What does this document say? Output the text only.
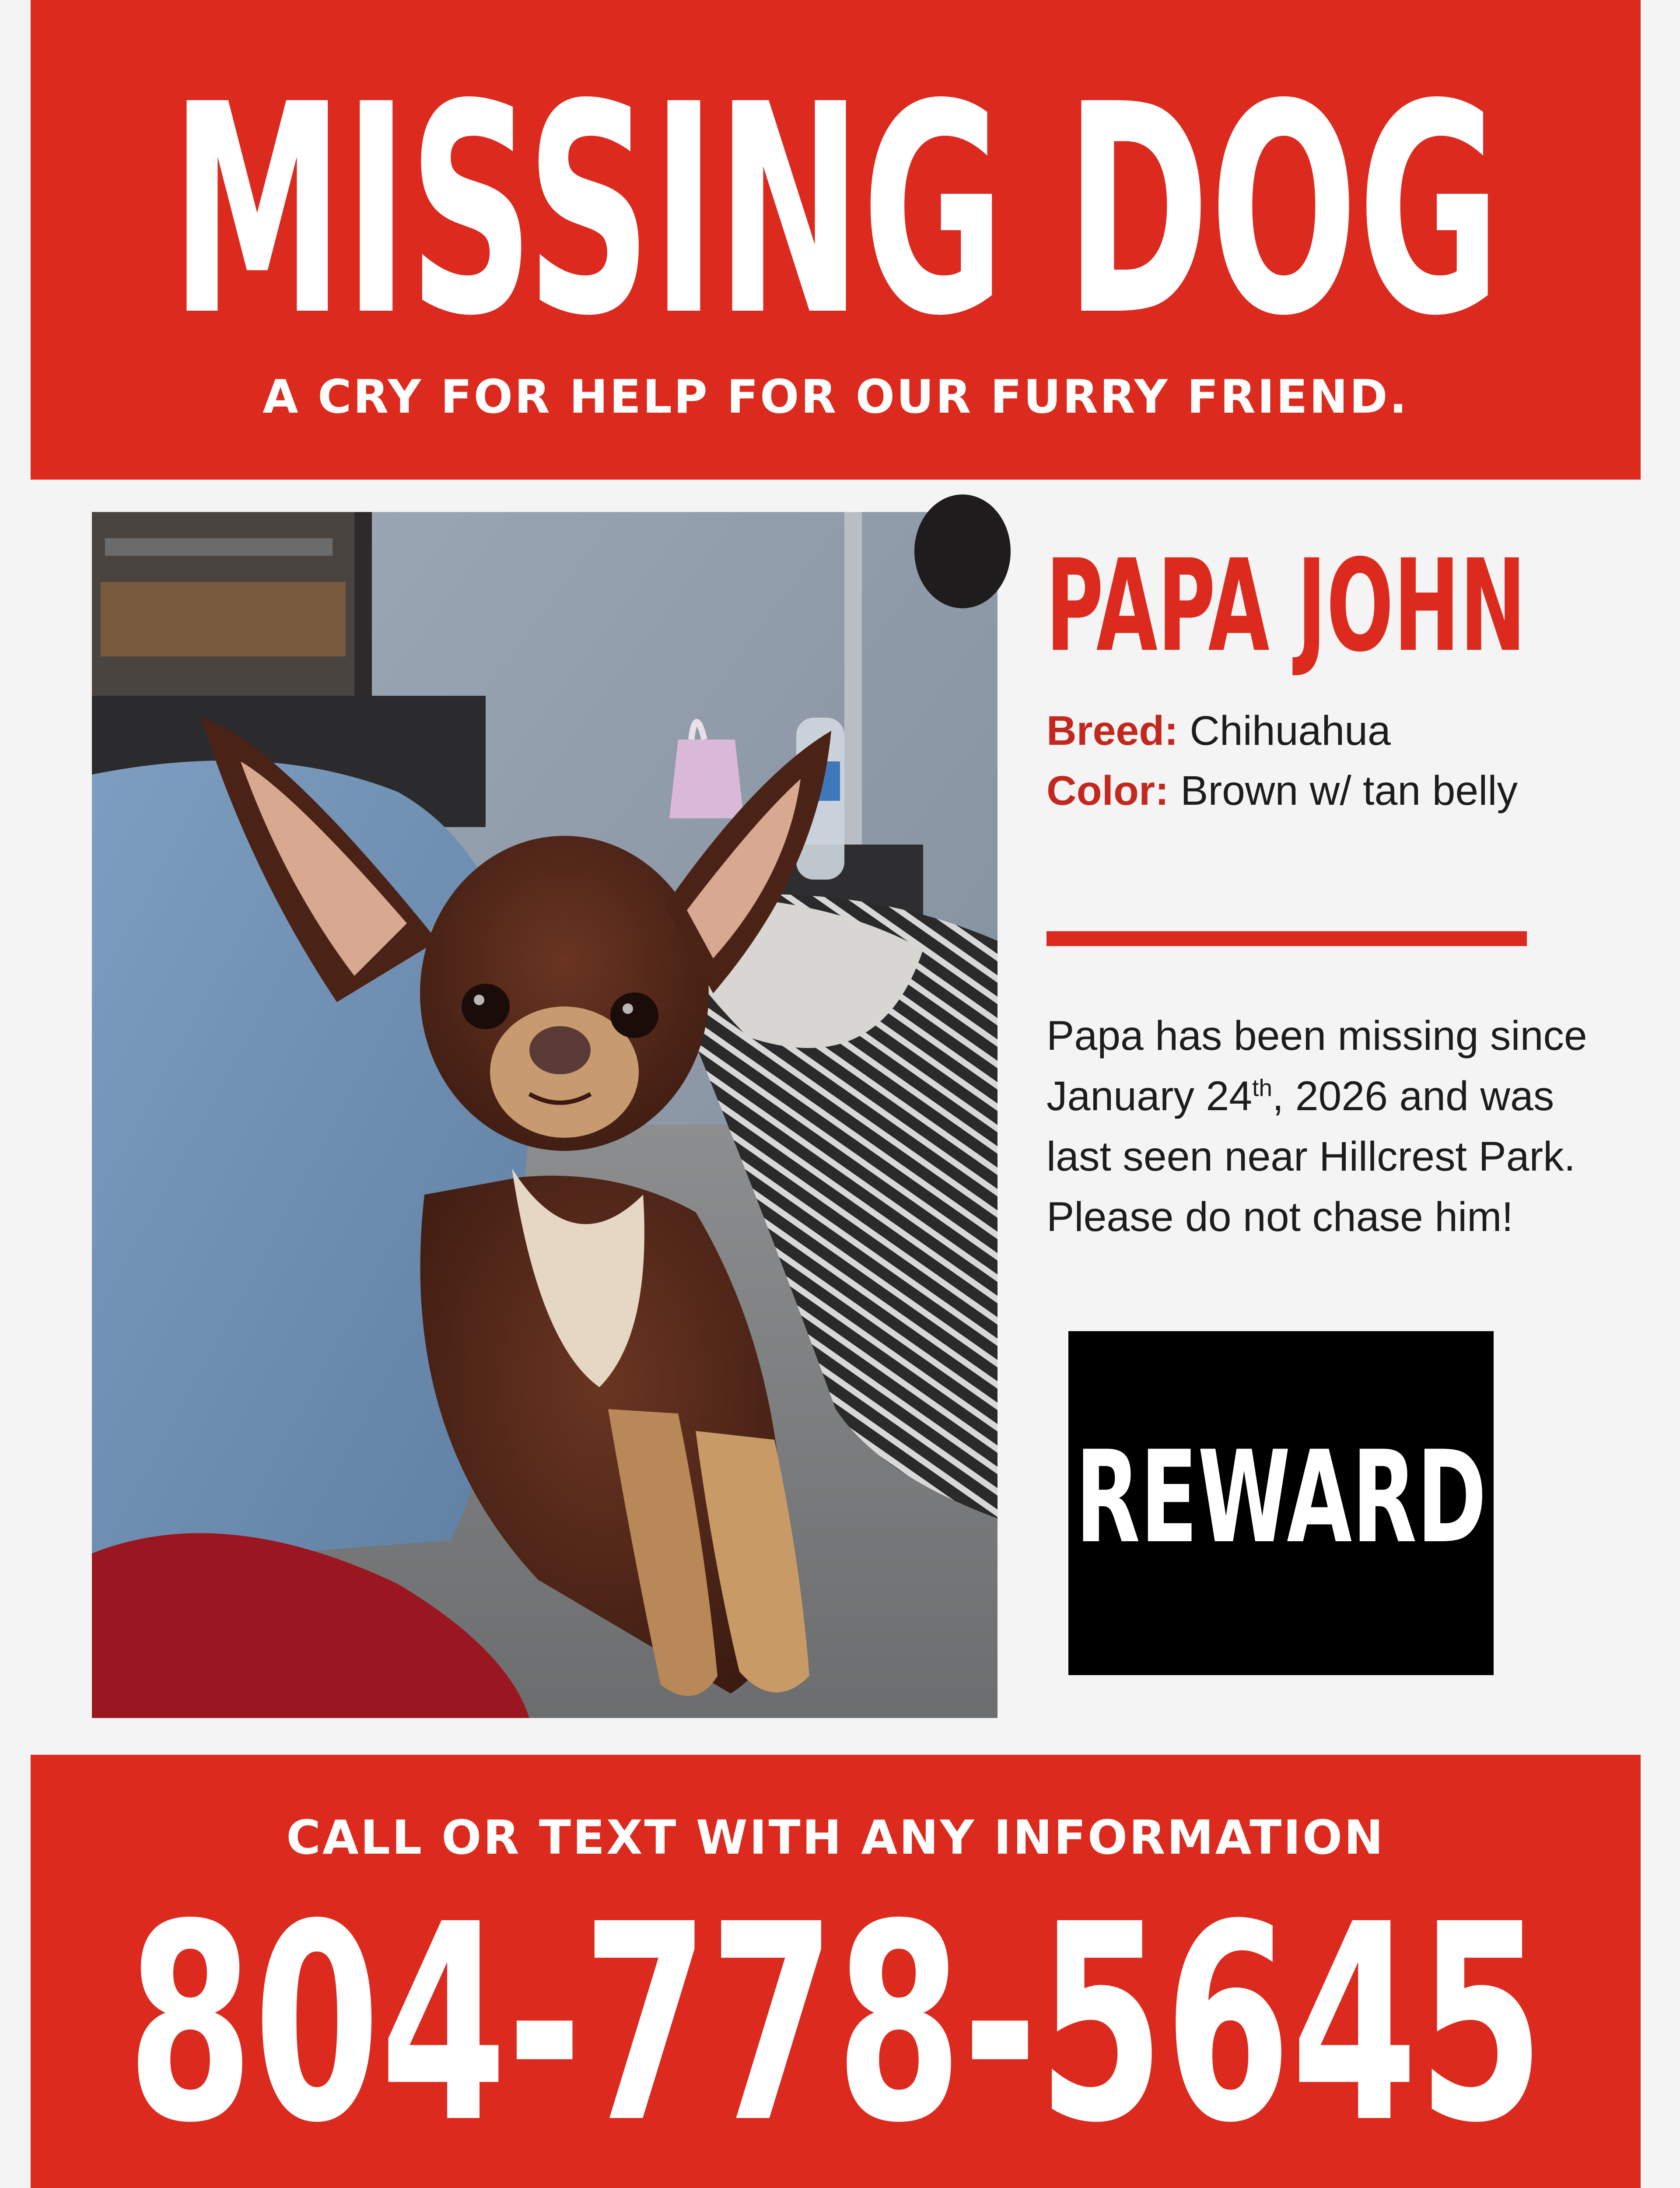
MISSING DOG
A CRY FOR HELP FOR OUR FURRY FRIEND.
PAPA JOHN
Breed: Chihuahua
Color: Brown w/ tan belly
Papa has been missing since January 24th, 2026 and was last seen near Hillcrest Park. Please do not chase him!
REWARD
CALL OR TEXT WITH ANY INFORMATION
804-778-5645
